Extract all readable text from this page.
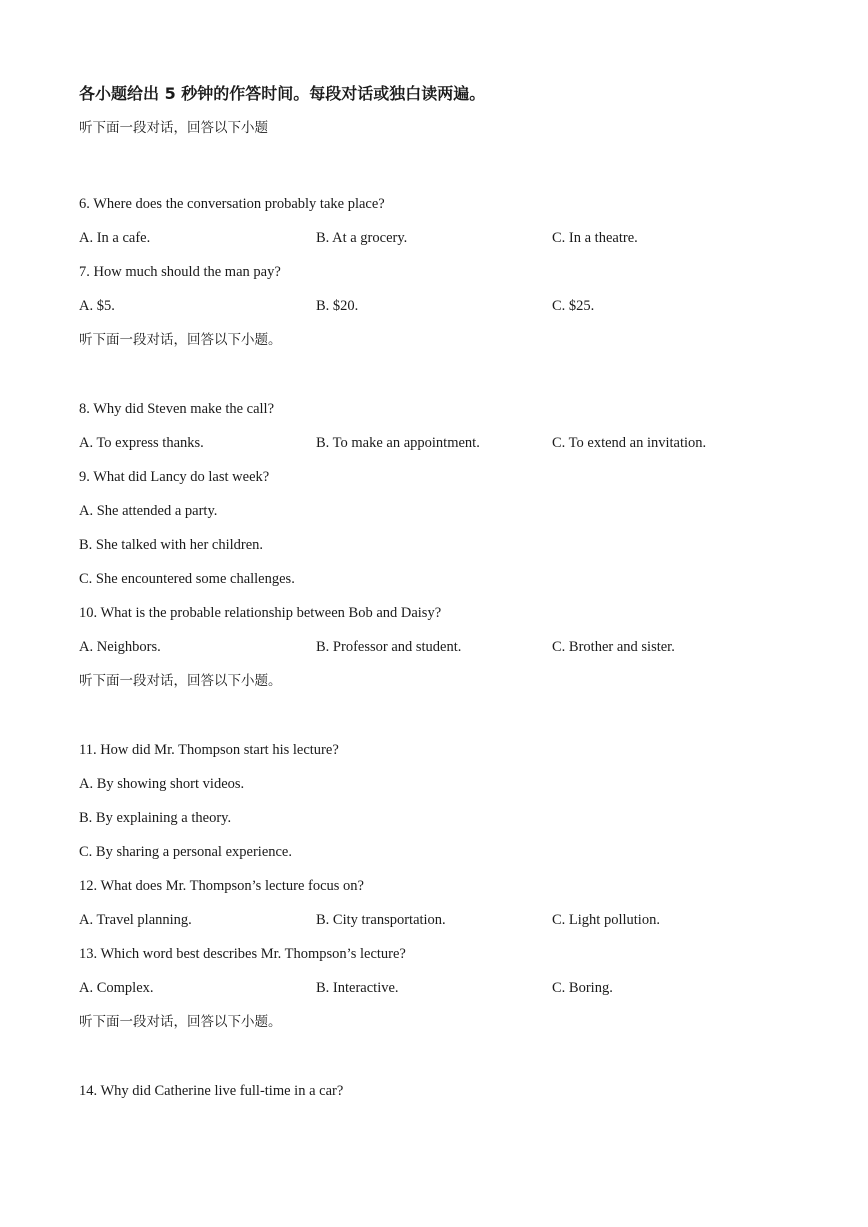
各小题给出 5 秒钟的作答时间。每段对话或独白读两遍。
听下面一段对话，回答以下小题
6. Where does the conversation probably take place?
A. In a cafe.	B. At a grocery.	C. In a theatre.
7. How much should the man pay?
A. $5.	B. $20.	C. $25.
听下面一段对话，回答以下小题。
8. Why did Steven make the call?
A. To express thanks.	B. To make an appointment.	C. To extend an invitation.
9. What did Lancy do last week?
A. She attended a party.
B. She talked with her children.
C. She encountered some challenges.
10. What is the probable relationship between Bob and Daisy?
A. Neighbors.	B. Professor and student.	C. Brother and sister.
听下面一段对话，回答以下小题。
11. How did Mr. Thompson start his lecture?
A. By showing short videos.
B. By explaining a theory.
C. By sharing a personal experience.
12. What does Mr. Thompson’s lecture focus on?
A. Travel planning.	B. City transportation.	C. Light pollution.
13. Which word best describes Mr. Thompson’s lecture?
A. Complex.	B. Interactive.	C. Boring.
听下面一段对话，回答以下小题。
14. Why did Catherine live full-time in a car?
